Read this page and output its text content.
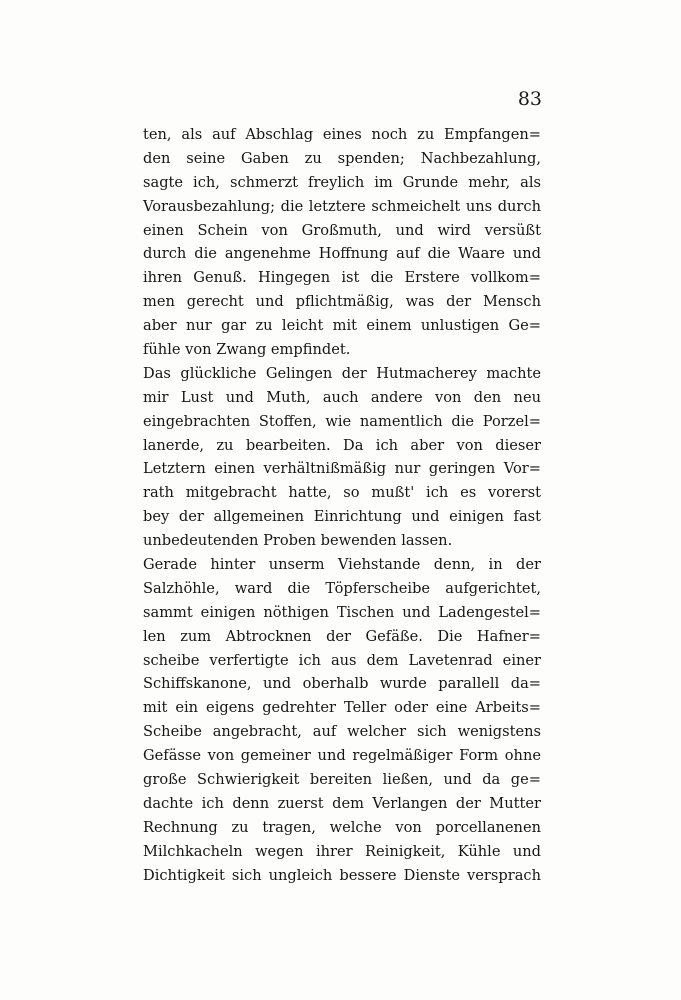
83
ten, als auf Abschlag eines noch zu Empfangen=
den seine Gaben zu spenden; Nachbezahlung,
sagte ich, schmerzt freylich im Grunde mehr, als
Vorausbezahlung; die letztere schmeichelt uns durch
einen Schein von Großmuth, und wird versüßt
durch die angenehme Hoffnung auf die Waare und
ihren Genuß. Hingegen ist die Erstere vollkom=
men gerecht und pflichtmäßig, was der Mensch
aber nur gar zu leicht mit einem unlustigen Ge=
fühle von Zwang empfindet.
Das glückliche Gelingen der Hutmacherey machte
mir Lust und Muth, auch andere von den neu
eingebrachten Stoffen, wie namentlich die Porzel=
lanerde, zu bearbeiten. Da ich aber von dieser
Letztern einen verhältnißmäßig nur geringen Vor=
rath mitgebracht hatte, so mußt' ich es vorerst
bey der allgemeinen Einrichtung und einigen fast
unbedeutenden Proben bewenden lassen.
Gerade hinter unserm Viehstande denn, in der
Salzhöhle, ward die Töpferscheibe aufgerichtet,
sammt einigen nöthigen Tischen und Ladengestel=
len zum Abtrocknen der Gefäße. Die Hafner=
scheibe verfertigte ich aus dem Lavetenrad einer
Schiffskanone, und oberhalb wurde parallell da=
mit ein eigens gedrehter Teller oder eine Arbeits=
Scheibe angebracht, auf welcher sich wenigstens
Gefässe von gemeiner und regelmäßiger Form ohne
große Schwierigkeit bereiten ließen, und da ge=
dachte ich denn zuerst dem Verlangen der Mutter
Rechnung zu tragen, welche von porcellanenen
Milchkacheln wegen ihrer Reinigkeit, Kühle und
Dichtigkeit sich ungleich bessere Dienste versprach
